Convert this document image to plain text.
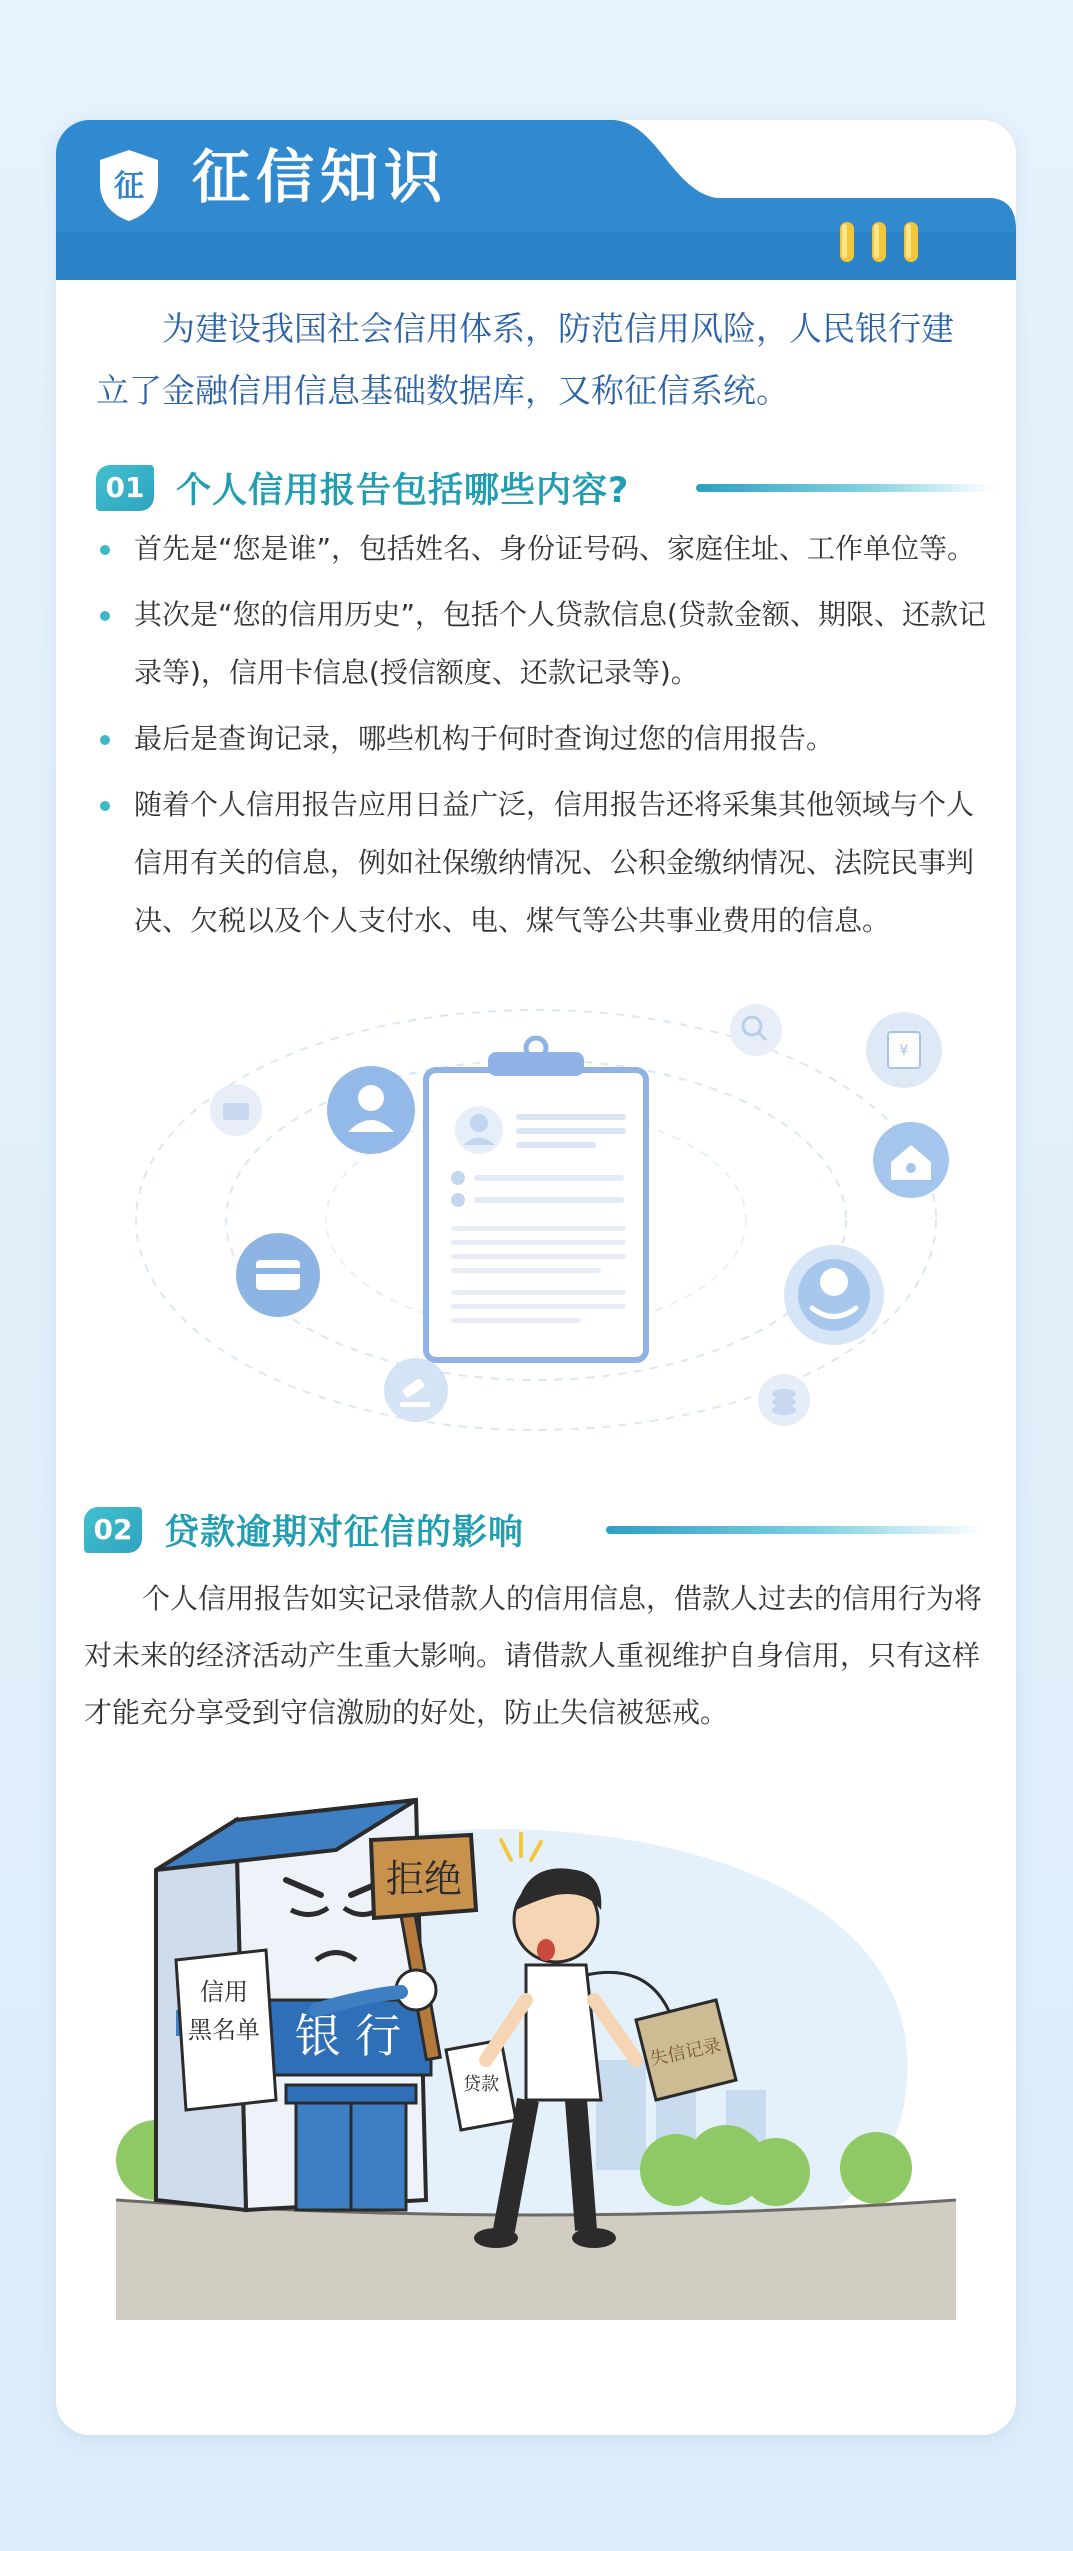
征 征信知识

为建设我国社会信用体系，防范信用风险，人民银行建立了金融信用信息基础数据库，又称征信系统。

01 个人信用报告包括哪些内容?
首先是“您是谁”，包括姓名、身份证号码、家庭住址、工作单位等。
其次是“您的信用历史”，包括个人贷款信息(贷款金额、期限、还款记录等)，信用卡信息(授信额度、还款记录等)。
最后是查询记录，哪些机构于何时查询过您的信用报告。
随着个人信用报告应用日益广泛，信用报告还将采集其他领域与个人信用有关的信息，例如社保缴纳情况、公积金缴纳情况、法院民事判决、欠税以及个人支付水、电、煤气等公共事业费用的信息。
¥
02 贷款逾期对征信的影响

个人信用报告如实记录借款人的信用信息，借款人过去的信用行为将对未来的经济活动产生重大影响。请借款人重视维护自身信用，只有这样才能充分享受到守信激励的好处，防止失信被惩戒。

银 行
信用
黑名单
拒绝
贷款
失信记录
